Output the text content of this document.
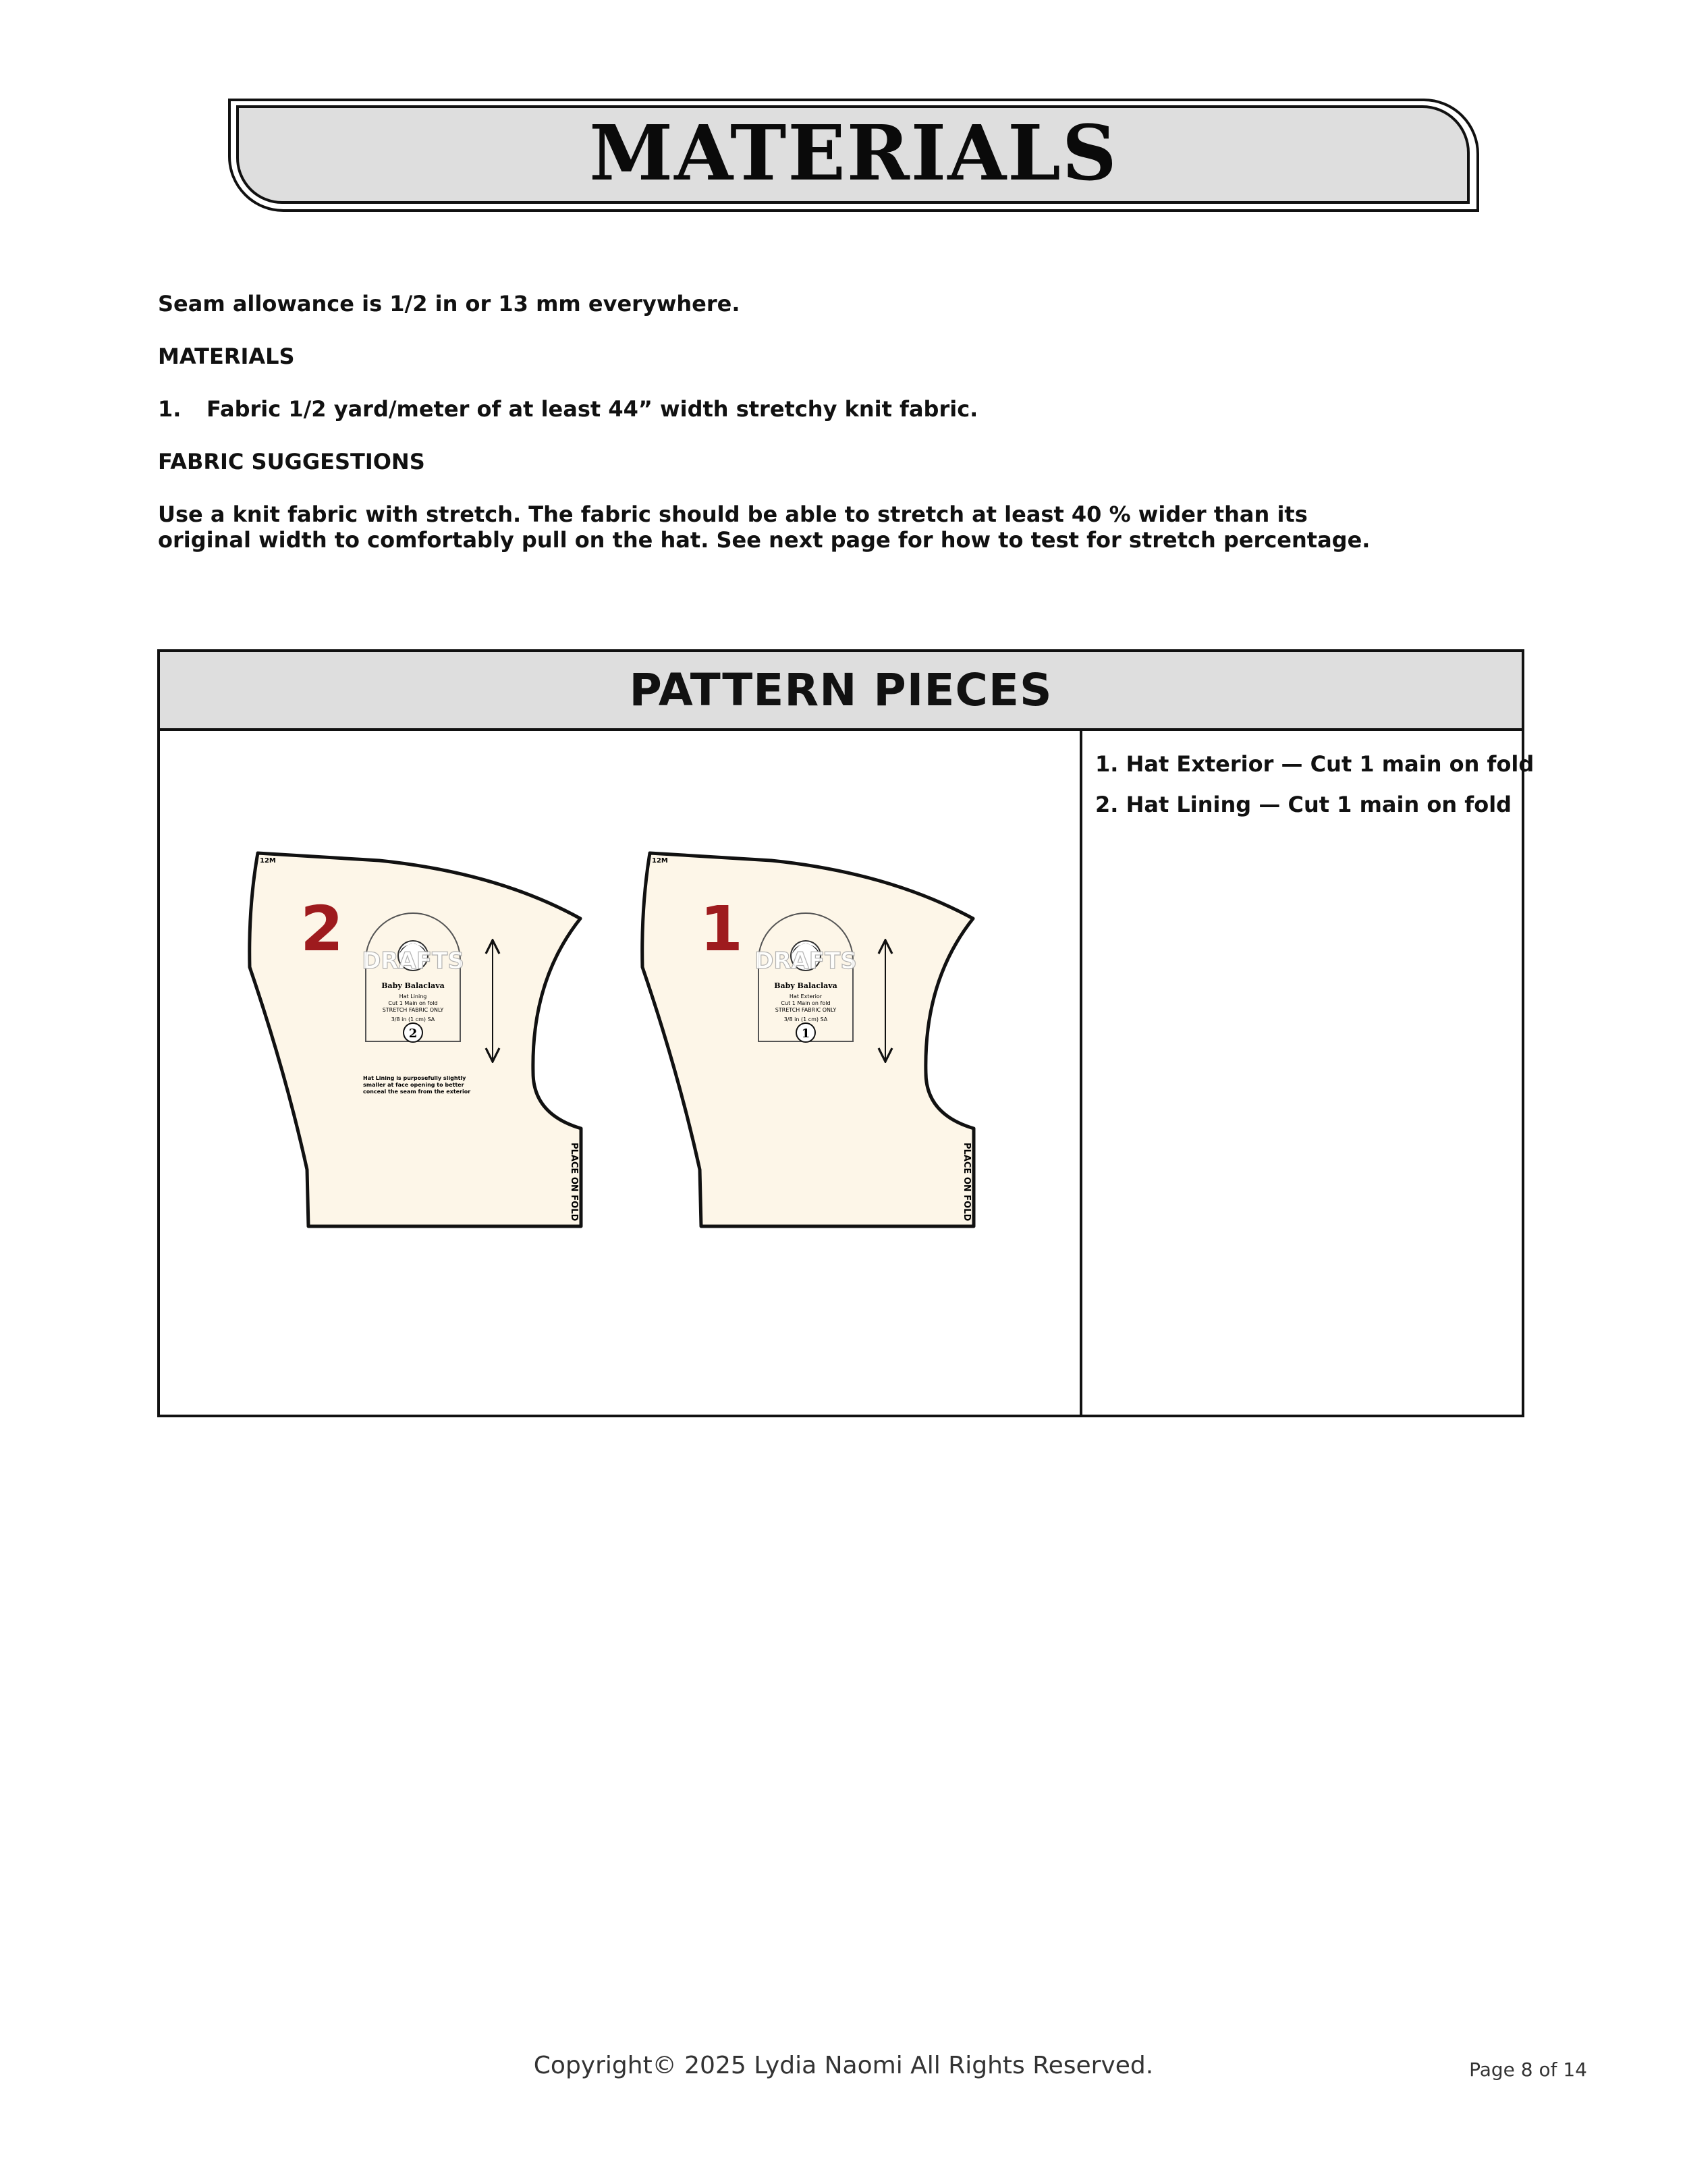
MATERIALS
Seam allowance is 1/2 in or 13 mm everywhere.
MATERIALS
1.	Fabric 1/2 yard/meter of at least 44” width stretchy knit fabric.
FABRIC SUGGESTIONS
Use a knit fabric with stretch. The fabric should be able to stretch at least 40 % wider than its
original width to comfortably pull on the hat. See next page for how to test for stretch percentage.
PATTERN PIECES
1. Hat Exterior — Cut 1 main on fold
2. Hat Lining — Cut 1 main on fold
12M
2 DRAFTS
Baby Balaclava
Hat Lining
Cut 1 Main on fold
STRETCH FABRIC ONLY
3/8 in (1 cm) SA
2
Hat Lining is purposefully slightly
smaller at face opening to better
conceal the seam from the exterior
PLACE ON FOLD
12M
1 DRAFTS
Baby Balaclava
Hat Exterior
Cut 1 Main on fold
STRETCH FABRIC ONLY
3/8 in (1 cm) SA
1
PLACE ON FOLD
Copyright© 2025 Lydia Naomi All Rights Reserved.	Page 8 of 14
